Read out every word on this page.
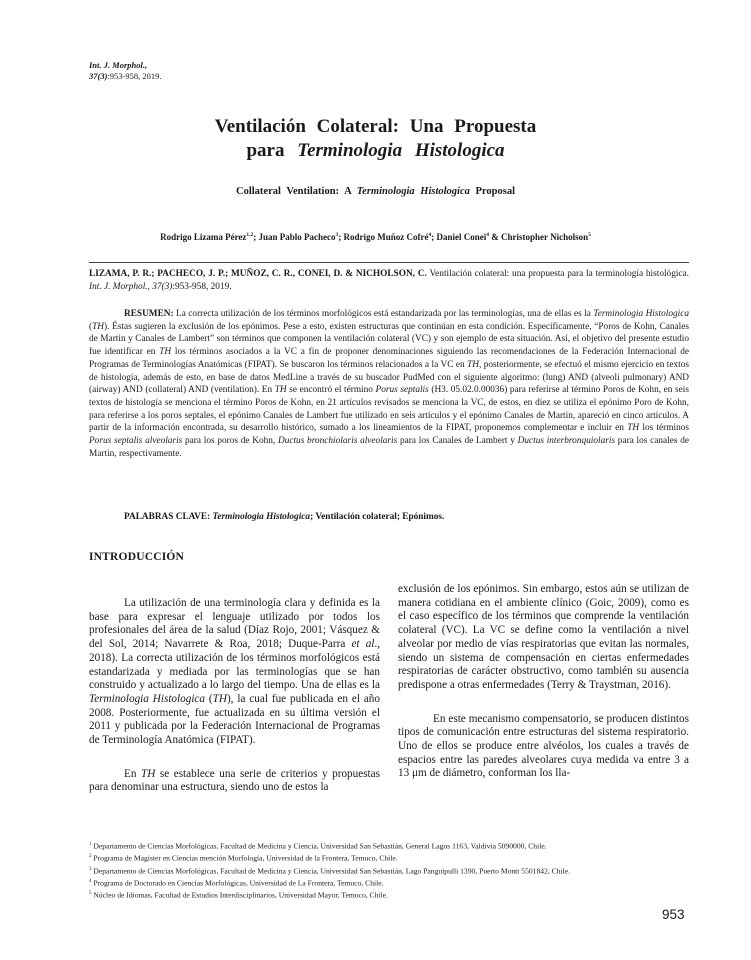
Int. J. Morphol.,
37(3):953-958, 2019.
Ventilación Colateral: Una Propuesta
para Terminologia Histologica
Collateral Ventilation: A Terminologia Histologica Proposal
Rodrigo Lizama Pérez$^{1,2}$; Juan Pablo Pacheco$^3$; Rodrigo Muñoz Cofré$^4$; Daniel Conei$^4$ & Christopher Nicholson$^5$
LIZAMA, P. R.; PACHECO, J. P.; MUÑOZ, C. R., CONEI, D. & NICHOLSON, C. Ventilación colateral: una propuesta para la terminología histológica. Int. J. Morphol., 37(3):953-958, 2019.
RESUMEN: La correcta utilización de los términos morfológicos está estandarizada por las terminologías, una de ellas es la Terminologia Histologica (TH). Éstas sugieren la exclusión de los epónimos. Pese a esto, existen estructuras que continúan en esta condición. Específicamente, “Poros de Kohn, Canales de Martin y Canales de Lambert” son términos que componen la ventilación colateral (VC) y son ejemplo de esta situación. Así, el objetivo del presente estudio fue identificar en TH los términos asociados a la VC a fin de proponer denominaciones siguiendo las recomendaciones de la Federación Internacional de Programas de Terminologías Anatómicas (FIPAT). Se buscaron los términos relacionados a la VC en TH, posteriormente, se efectuó el mismo ejercicio en textos de histología, además de esto, en base de datos MedLine a través de su buscador PudMed con el siguiente algoritmo: (lung) AND (alveoli pulmonary) AND (airway) AND (collateral) AND (ventilation). En TH se encontró el término Porus septalis (H3. 05.02.0.00036) para referirse al término Poros de Kohn, en seis textos de histología se menciona el término Poros de Kohn, en 21 artículos revisados se menciona la VC, de estos, en diez se utiliza el epónimo Poro de Kohn, para referirse a los poros septales, el epónimo Canales de Lambert fue utilizado en seis artículos y el epónimo Canales de Martin, apareció en cinco artículos. A partir de la información encontrada, su desarrollo histórico, sumado a los lineamientos de la FIPAT, proponemos complementar e incluir en TH los términos Porus septalis alveolaris para los poros de Kohn, Ductus bronchiolaris alveolaris para los Canales de Lambert y Ductus interbronquiolaris para los canales de Martin, respectivamente.
PALABRAS CLAVE: Terminologia Histologica; Ventilación colateral; Epónimos.
INTRODUCCIÓN

La utilización de una terminología clara y definida es la base para expresar el lenguaje utilizado por todos los profesionales del área de la salud (Díaz Rojo, 2001; Vásquez & del Sol, 2014; Navarrete & Roa, 2018; Duque-Parra et al., 2018). La correcta utilización de los términos morfológicos está estandarizada y mediada por las terminologías que se han construido y actualizado a lo largo del tiempo. Una de ellas es la Terminologia Histologica (TH), la cual fue publicada en el año 2008. Posteriormente, fue actualizada en su última versión el 2011 y publicada por la Federación Internacional de Programas de Terminología Anatómica (FIPAT).

En TH se establece una serie de criterios y propuestas para denominar una estructura, siendo uno de estos la

exclusión de los epónimos. Sin embargo, estos aún se utilizan de manera cotidiana en el ambiente clínico (Goic, 2009), como es el caso específico de los términos que comprende la ventilación colateral (VC). La VC se define como la ventilación a nivel alveolar por medio de vías respiratorias que evitan las normales, siendo un sistema de compensación en ciertas enfermedades respiratorias de carácter obstructivo, como también su ausencia predispone a otras enfermedades (Terry & Traystman, 2016).

En este mecanismo compensatorio, se producen distintos tipos de comunicación entre estructuras del sistema respiratorio. Uno de ellos se produce entre alvéolos, los cuales a través de espacios entre las paredes alveolares cuya medida va entre 3 a 13 μm de diámetro, conforman los lla-

$^1$ Departamento de Ciencias Morfológicas, Facultad de Medicina y Ciencia, Universidad San Sebastián, General Lagos 1163, Valdivia 5090000, Chile.
$^2$ Programa de Magister en Ciencias mención Morfología, Universidad de la Frontera, Temuco, Chile.
$^3$ Departamento de Ciencias Morfológicas, Facultad de Medicina y Ciencia, Universidad San Sebastián, Lago Panguipulli 1390, Puerto Montt 5501842, Chile.
$^4$ Programa de Doctorado en Ciencias Morfológicas, Universidad de La Frontera, Temuco, Chile.
$^5$ Núcleo de Idiomas, Facultad de Estudios Interdisciplinarios, Universidad Mayor, Temuco, Chile.
953
